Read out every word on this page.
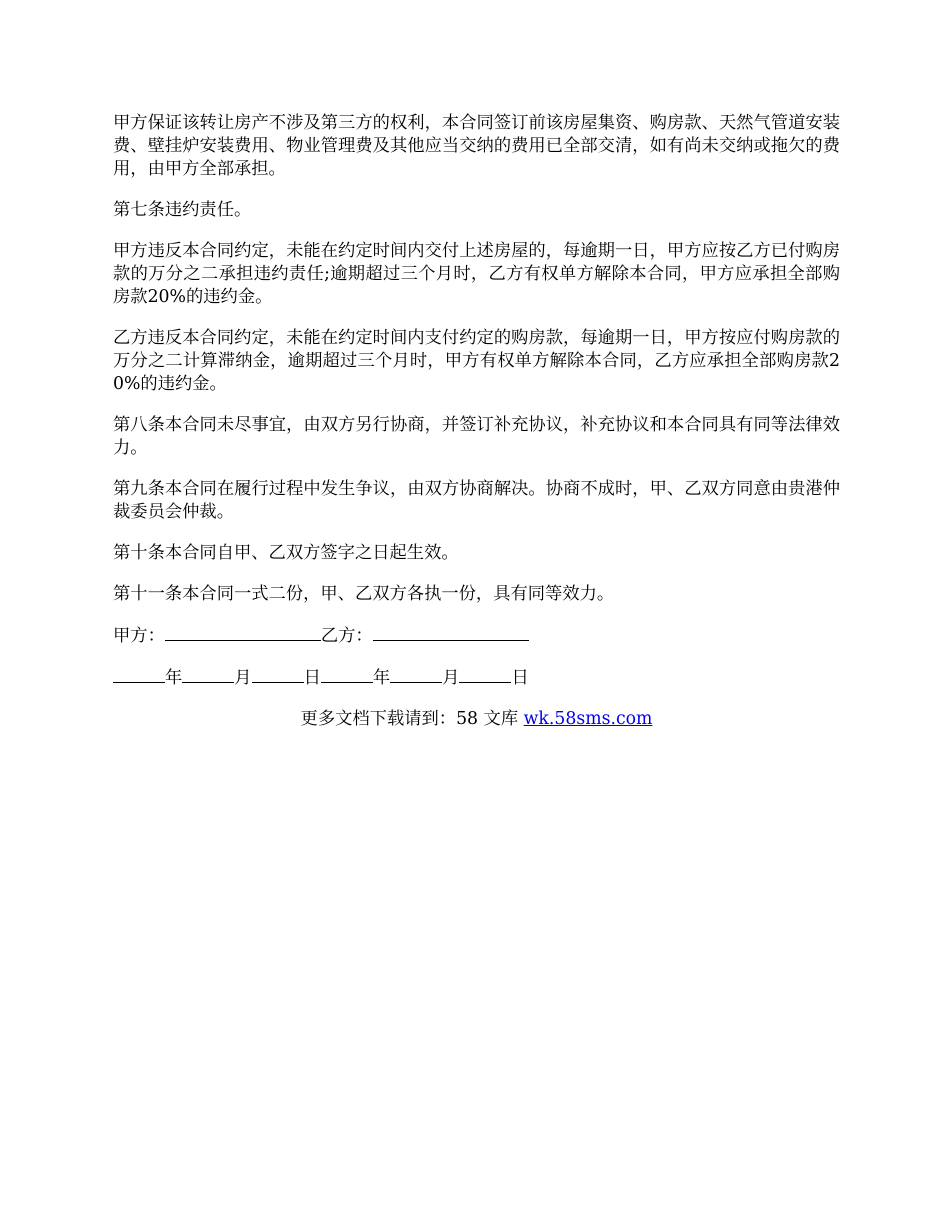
甲方保证该转让房产不涉及第三方的权利，本合同签订前该房屋集资、购房款、天然气管道安装费、壁挂炉安装费用、物业管理费及其他应当交纳的费用已全部交清，如有尚未交纳或拖欠的费用，由甲方全部承担。

第七条违约责任。

甲方违反本合同约定，未能在约定时间内交付上述房屋的，每逾期一日，甲方应按乙方已付购房款的万分之二承担违约责任;逾期超过三个月时，乙方有权单方解除本合同，甲方应承担全部购房款20%的违约金。

乙方违反本合同约定，未能在约定时间内支付约定的购房款，每逾期一日，甲方按应付购房款的万分之二计算滞纳金，逾期超过三个月时，甲方有权单方解除本合同，乙方应承担全部购房款20%的违约金。

第八条本合同未尽事宜，由双方另行协商，并签订补充协议，补充协议和本合同具有同等法律效力。

第九条本合同在履行过程中发生争议，由双方协商解决。协商不成时，甲、乙双方同意由贵港仲裁委员会仲裁。

第十条本合同自甲、乙双方签字之日起生效。

第十一条本合同一式二份，甲、乙双方各执一份，具有同等效力。

甲方：	乙方：
年	月	日	年	月	日
更多文档下载请到：58 文库 wk.58sms.com
